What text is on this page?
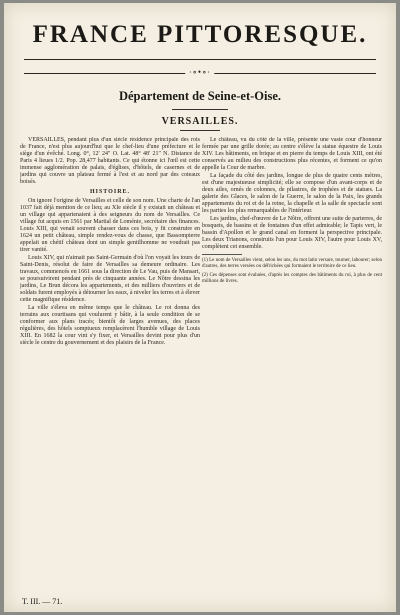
FRANCE PITTORESQUE.
∙∘•∘∙
Département de Seine-et-Oise.
VERSAILLES.

VERSAILLES, pendant plus d'un siècle résidence principale des rois de France, n'est plus aujourd'hui que le chef-lieu d'une préfecture et le siège d'un évêché. Long. 0°, 12′ 24″ O. Lat. 48° 48′ 21″ N. Distance de Paris 4 lieues 1/2. Pop. 28,477 habitants. Ce qui étonne ici l'œil est cette immense agglomération de palais, d'églises, d'hôtels, de casernes et de jardins qui couvre un plateau fermé à l'est et au nord par des coteaux boisés.

HISTOIRE.

On ignore l'origine de Versailles et celle de son nom. Une charte de l'an 1037 fait déjà mention de ce lieu; au XIe siècle il y existait un château et un village qui appartenaient à des seigneurs du nom de Versailles. Ce village fut acquis en 1561 par Martial de Loménie, secrétaire des finances. Louis XIII, qui venait souvent chasser dans ces bois, y fit construire en 1624 un petit château, simple rendez-vous de chasse, que Bassompierre appelait un chétif château dont un simple gentilhomme ne voudrait pas tirer vanité.

Louis XIV, qui n'aimait pas Saint-Germain d'où l'on voyait les tours de Saint-Denis, résolut de faire de Versailles sa demeure ordinaire. Les travaux, commencés en 1661 sous la direction de Le Vau, puis de Mansart, se poursuivirent pendant près de cinquante années. Le Nôtre dessina les jardins, Le Brun décora les appartements, et des milliers d'ouvriers et de soldats furent employés à détourner les eaux, à niveler les terres et à élever cette magnifique résidence.

La ville s'éleva en même temps que le château. Le roi donna des terrains aux courtisans qui voulurent y bâtir, à la seule condition de se conformer aux plans tracés; bientôt de larges avenues, des places régulières, des hôtels somptueux remplacèrent l'humble village de Louis XIII. En 1682 la cour vint s'y fixer, et Versailles devint pour plus d'un siècle le centre du gouvernement et des plaisirs de la France.

Le château, vu du côté de la ville, présente une vaste cour d'honneur fermée par une grille dorée; au centre s'élève la statue équestre de Louis XIV. Les bâtiments, en brique et en pierre du temps de Louis XIII, ont été conservés au milieu des constructions plus récentes, et forment ce qu'on appelle la Cour de marbre.

La façade du côté des jardins, longue de plus de quatre cents mètres, est d'une majestueuse simplicité; elle se compose d'un avant-corps et de deux ailes, ornés de colonnes, de pilastres, de trophées et de statues. La galerie des Glaces, le salon de la Guerre, le salon de la Paix, les grands appartements du roi et de la reine, la chapelle et la salle de spectacle sont les parties les plus remarquables de l'intérieur.

Les jardins, chef-d'œuvre de Le Nôtre, offrent une suite de parterres, de bosquets, de bassins et de fontaines d'un effet admirable; le Tapis vert, le bassin d'Apollon et le grand canal en forment la perspective principale. Les deux Trianons, construits l'un pour Louis XIV, l'autre pour Louis XV, complètent cet ensemble.

(1) Le nom de Versailles vient, selon les uns, du mot latin versare, tourner, labourer; selon d'autres, des terres versées ou défrichées qui formaient le territoire de ce lieu.
(2) Ces dépenses sont évaluées, d'après les comptes des bâtiments du roi, à plus de cent millions de livres.
T. III. — 71.
